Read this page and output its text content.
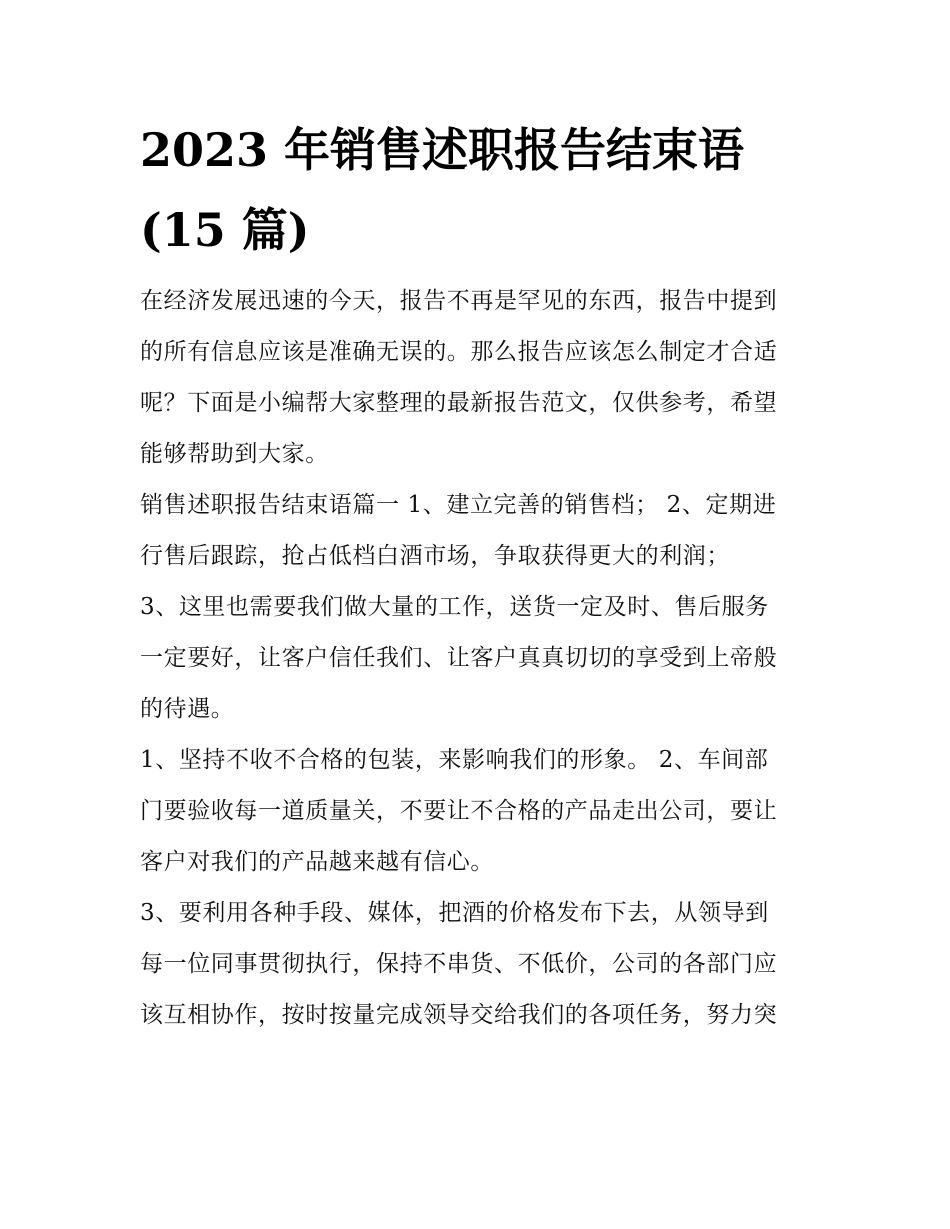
2023 年销售述职报告结束语
(15 篇)
在经济发展迅速的今天，报告不再是罕见的东西，报告中提到
的所有信息应该是准确无误的。那么报告应该怎么制定才合适
呢？下面是小编帮大家整理的最新报告范文，仅供参考，希望
能够帮助到大家。
销售述职报告结束语篇一 1、建立完善的销售档； 2、定期进
行售后跟踪，抢占低档白酒市场，争取获得更大的利润；
3、这里也需要我们做大量的工作，送货一定及时、售后服务
一定要好，让客户信任我们、让客户真真切切的享受到上帝般
的待遇。
1、坚持不收不合格的包装，来影响我们的形象。 2、车间部
门要验收每一道质量关，不要让不合格的产品走出公司，要让
客户对我们的产品越来越有信心。
3、要利用各种手段、媒体，把酒的价格发布下去，从领导到
每一位同事贯彻执行，保持不串货、不低价，公司的各部门应
该互相协作，按时按量完成领导交给我们的各项任务，努力突
